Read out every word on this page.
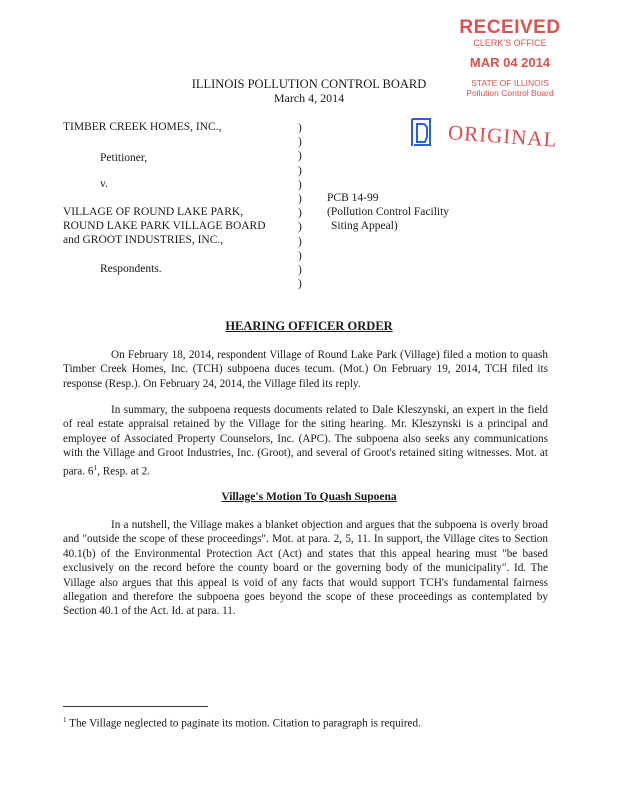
RECEIVED
CLERK'S OFFICE
MAR 04 2014
STATE OF ILLINOIS
Pollution Control Board
ILLINOIS POLLUTION CONTROL BOARD
March 4, 2014
ORIGINAL
TIMBER CREEK HOMES, INC.,
Petitioner,
v.
VILLAGE OF ROUND LAKE PARK,
ROUND LAKE PARK VILLAGE BOARD
and GROOT INDUSTRIES, INC.,
Respondents.
)
)
)
)
)
)
)
)
)
)
)
)
PCB 14-99
(Pollution Control Facility
Siting Appeal)
HEARING OFFICER ORDER
On February 18, 2014, respondent Village of Round Lake Park (Village) filed a motion to quash Timber Creek Homes, Inc. (TCH) subpoena duces tecum. (Mot.) On February 19, 2014, TCH filed its response (Resp.). On February 24, 2014, the Village filed its reply.
In summary, the subpoena requests documents related to Dale Kleszynski, an expert in the field of real estate appraisal retained by the Village for the siting hearing. Mr. Kleszynski is a principal and employee of Associated Property Counselors, Inc. (APC). The subpoena also seeks any communications with the Village and Groot Industries, Inc. (Groot), and several of Groot's retained siting witnesses. Mot. at para. $6^1$, Resp. at 2.
Village's Motion To Quash Supoena
In a nutshell, the Village makes a blanket objection and argues that the subpoena is overly broad and "outside the scope of these proceedings". Mot. at para. 2, 5, 11. In support, the Village cites to Section 40.1(b) of the Environmental Protection Act (Act) and states that this appeal hearing must "be based exclusively on the record before the county board or the governing body of the municipality". Id. The Village also argues that this appeal is void of any facts that would support TCH's fundamental fairness allegation and therefore the subpoena goes beyond the scope of these proceedings as contemplated by Section 40.1 of the Act. Id. at para. 11.
$^1$ The Village neglected to paginate its motion. Citation to paragraph is required.
